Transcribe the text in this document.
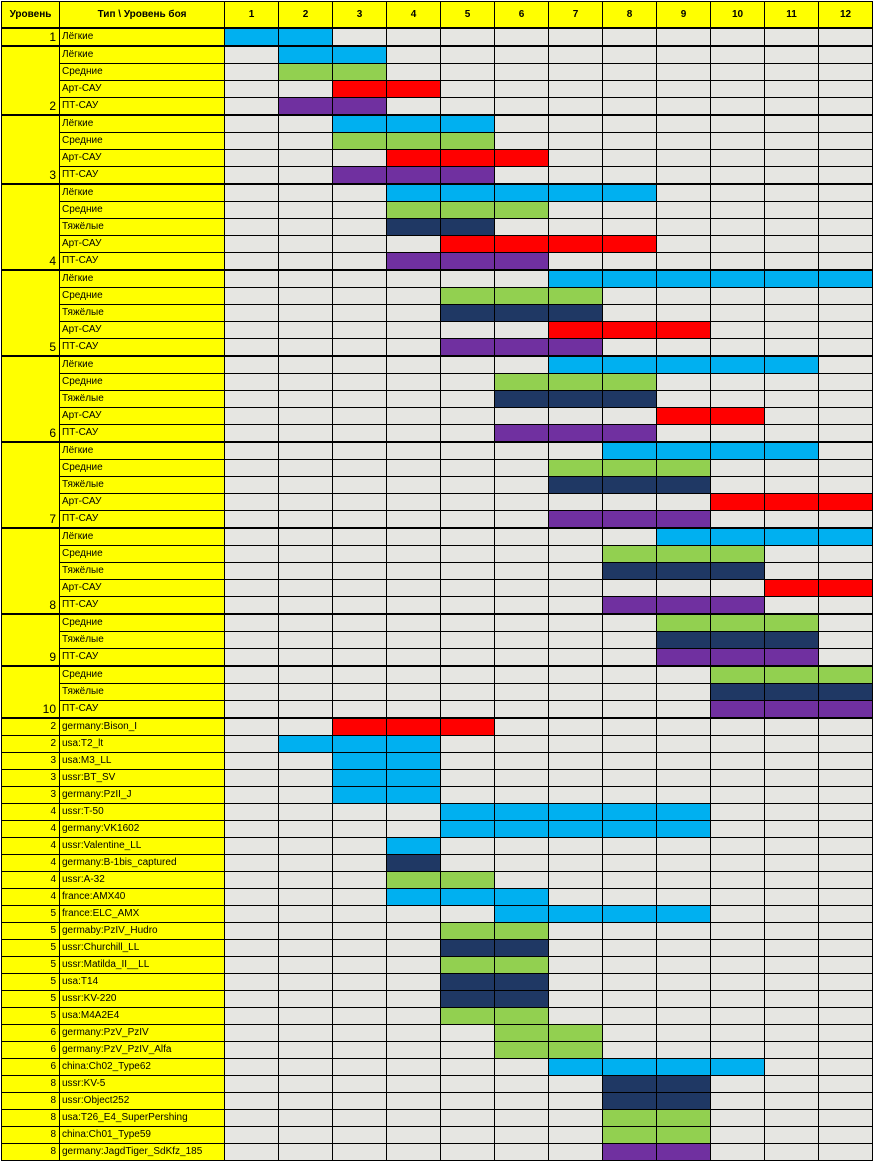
Уровень	Тип \ Уровень боя	1	2	3	4	5	6	7	8	9	10	11	12
1	Лёгкие												
2	Лёгкие												
	Средние												
	Арт-САУ												
	ПТ-САУ												
3	Лёгкие												
	Средние												
	Арт-САУ												
	ПТ-САУ												
4	Лёгкие												
	Средние												
	Тяжёлые												
	Арт-САУ												
	ПТ-САУ												
5	Лёгкие												
	Средние												
	Тяжёлые												
	Арт-САУ												
	ПТ-САУ												
6	Лёгкие												
	Средние												
	Тяжёлые												
	Арт-САУ												
	ПТ-САУ												
7	Лёгкие												
	Средние												
	Тяжёлые												
	Арт-САУ												
	ПТ-САУ												
8	Лёгкие												
	Средние												
	Тяжёлые												
	Арт-САУ												
	ПТ-САУ												
9	Средние												
	Тяжёлые												
	ПТ-САУ												
10	Средние												
	Тяжёлые												
	ПТ-САУ												
2	germany:Bison_I												
2	usa:T2_lt												
3	usa:M3_LL												
3	ussr:BT_SV												
3	germany:PzII_J												
4	ussr:T-50												
4	germany:VK1602												
4	ussr:Valentine_LL												
4	germany:B-1bis_captured												
4	ussr:A-32												
4	france:AMX40												
5	france:ELC_AMX												
5	germaby:PzIV_Hudro												
5	ussr:Churchill_LL												
5	ussr:Matilda_II__LL												
5	usa:T14												
5	ussr:KV-220												
5	usa:M4A2E4												
6	germany:PzV_PzIV												
6	germany:PzV_PzIV_Alfa												
6	china:Ch02_Type62												
8	ussr:KV-5												
8	ussr:Object252												
8	usa:T26_E4_SuperPershing												
8	china:Ch01_Type59												
8	germany:JagdTiger_SdKfz_185												
